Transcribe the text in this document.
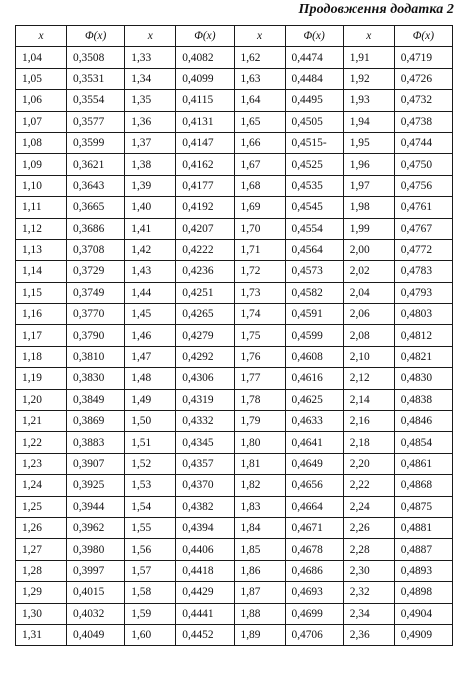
Продовження додатка 2
x	Φ(x)	x	Φ(x)	x	Φ(x)	x	Φ(x)
1,04	0,3508	1,33	0,4082	1,62	0,4474	1,91	0,4719
1,05	0,3531	1,34	0,4099	1,63	0,4484	1,92	0,4726
1,06	0,3554	1,35	0,4115	1,64	0,4495	1,93	0,4732
1,07	0,3577	1,36	0,4131	1,65	0,4505	1,94	0,4738
1,08	0,3599	1,37	0,4147	1,66	0,4515-	1,95	0,4744
1,09	0,3621	1,38	0,4162	1,67	0,4525	1,96	0,4750
1,10	0,3643	1,39	0,4177	1,68	0,4535	1,97	0,4756
1,11	0,3665	1,40	0,4192	1,69	0,4545	1,98	0,4761
1,12	0,3686	1,41	0,4207	1,70	0,4554	1,99	0,4767
1,13	0,3708	1,42	0,4222	1,71	0,4564	2,00	0,4772
1,14	0,3729	1,43	0,4236	1,72	0,4573	2,02	0,4783
1,15	0,3749	1,44	0,4251	1,73	0,4582	2,04	0,4793
1,16	0,3770	1,45	0,4265	1,74	0,4591	2,06	0,4803
1,17	0,3790	1,46	0,4279	1,75	0,4599	2,08	0,4812
1,18	0,3810	1,47	0,4292	1,76	0,4608	2,10	0,4821
1,19	0,3830	1,48	0,4306	1,77	0,4616	2,12	0,4830
1,20	0,3849	1,49	0,4319	1,78	0,4625	2,14	0,4838
1,21	0,3869	1,50	0,4332	1,79	0,4633	2,16	0,4846
1,22	0,3883	1,51	0,4345	1,80	0,4641	2,18	0,4854
1,23	0,3907	1,52	0,4357	1,81	0,4649	2,20	0,4861
1,24	0,3925	1,53	0,4370	1,82	0,4656	2,22	0,4868
1,25	0,3944	1,54	0,4382	1,83	0,4664	2,24	0,4875
1,26	0,3962	1,55	0,4394	1,84	0,4671	2,26	0,4881
1,27	0,3980	1,56	0,4406	1,85	0,4678	2,28	0,4887
1,28	0,3997	1,57	0,4418	1,86	0,4686	2,30	0,4893
1,29	0,4015	1,58	0,4429	1,87	0,4693	2,32	0,4898
1,30	0,4032	1,59	0,4441	1,88	0,4699	2,34	0,4904
1,31	0,4049	1,60	0,4452	1,89	0,4706	2,36	0,4909
